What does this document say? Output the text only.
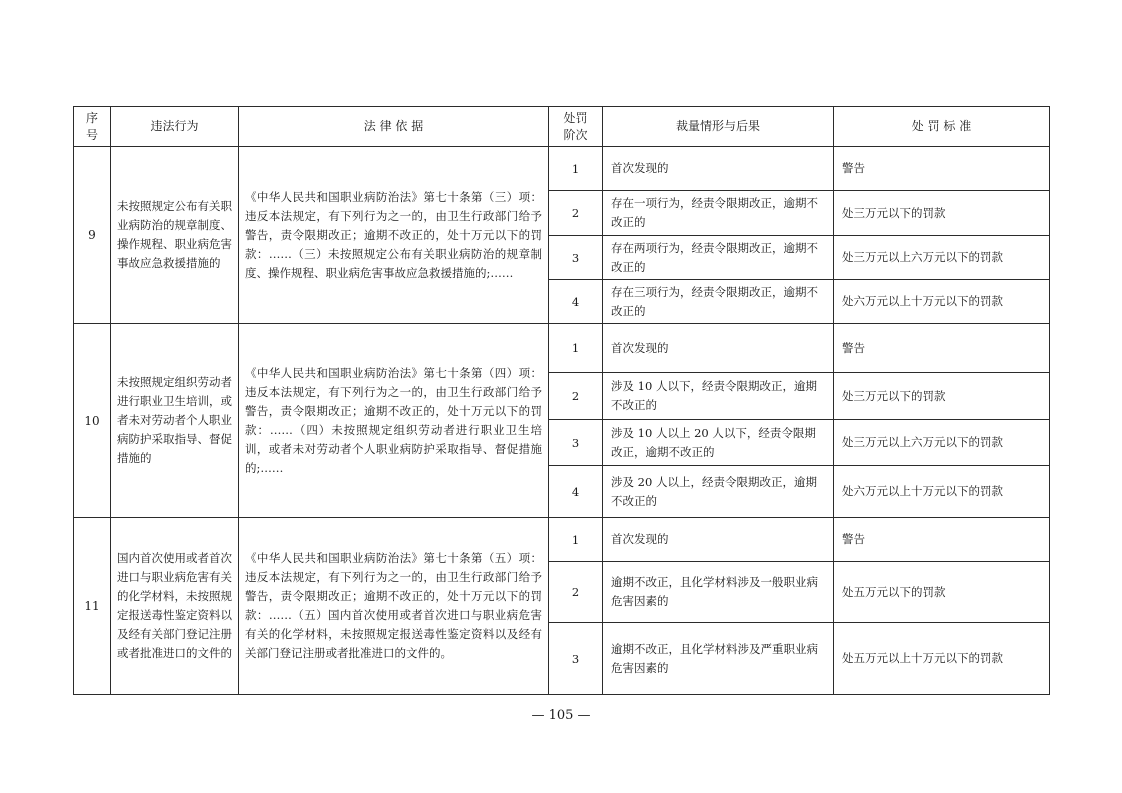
序号	违法行为	法 律 依 据	处罚阶次	裁量情形与后果	处 罚 标 准
9	未按照规定公布有关职业病防治的规章制度、操作规程、职业病危害事故应急救援措施的	《中华人民共和国职业病防治法》第七十条第（三）项：违反本法规定，有下列行为之一的，由卫生行政部门给予警告，责令限期改正；逾期不改正的，处十万元以下的罚款：……（三）未按照规定公布有关职业病防治的规章制度、操作规程、职业病危害事故应急救援措施的;……	1	首次发现的	警告
			2	存在一项行为，经责令限期改正，逾期不改正的	处三万元以下的罚款
			3	存在两项行为，经责令限期改正，逾期不改正的	处三万元以上六万元以下的罚款
			4	存在三项行为，经责令限期改正，逾期不改正的	处六万元以上十万元以下的罚款
10	未按照规定组织劳动者进行职业卫生培训，或者未对劳动者个人职业病防护采取指导、督促措施的	《中华人民共和国职业病防治法》第七十条第（四）项：违反本法规定，有下列行为之一的，由卫生行政部门给予警告，责令限期改正；逾期不改正的，处十万元以下的罚款：……（四）未按照规定组织劳动者进行职业卫生培训，或者未对劳动者个人职业病防护采取指导、督促措施的;……	1	首次发现的	警告
			2	涉及 10 人以下，经责令限期改正，逾期不改正的	处三万元以下的罚款
			3	涉及 10 人以上 20 人以下，经责令限期改正，逾期不改正的	处三万元以上六万元以下的罚款
			4	涉及 20 人以上，经责令限期改正，逾期不改正的	处六万元以上十万元以下的罚款
11	国内首次使用或者首次进口与职业病危害有关的化学材料，未按照规定报送毒性鉴定资料以及经有关部门登记注册或者批准进口的文件的	《中华人民共和国职业病防治法》第七十条第（五）项：违反本法规定，有下列行为之一的，由卫生行政部门给予警告，责令限期改正；逾期不改正的，处十万元以下的罚款：……（五）国内首次使用或者首次进口与职业病危害有关的化学材料，未按照规定报送毒性鉴定资料以及经有关部门登记注册或者批准进口的文件的。	1	首次发现的	警告
			2	逾期不改正，且化学材料涉及一般职业病危害因素的	处五万元以下的罚款
			3	逾期不改正，且化学材料涉及严重职业病危害因素的	处五万元以上十万元以下的罚款
— 105 —
